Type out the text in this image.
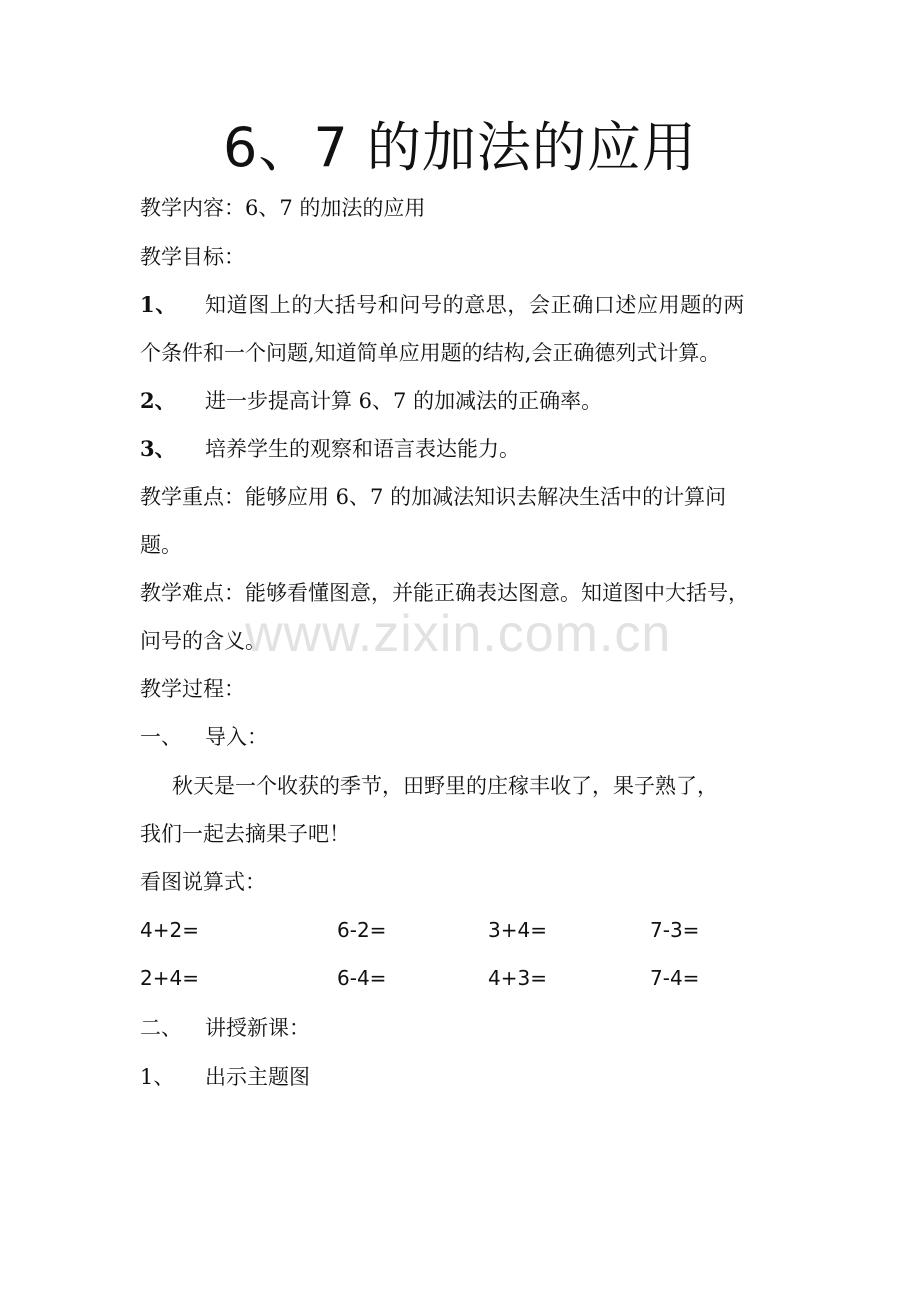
6、7 的加法的应用
教学内容：6、7 的加法的应用
教学目标：
1、 知道图上的大括号和问号的意思，会正确口述应用题的两
个条件和一个问题,知道简单应用题的结构,会正确德列式计算。
2、 进一步提高计算 6、7 的加减法的正确率。
3、 培养学生的观察和语言表达能力。
教学重点：能够应用 6、7 的加减法知识去解决生活中的计算问
题。
教学难点：能够看懂图意，并能正确表达图意。知道图中大括号，
问号的含义。
教学过程：
一、 导入：
秋天是一个收获的季节，田野里的庄稼丰收了，果子熟了，
我们一起去摘果子吧！
看图说算式：
4+2=	6-2=	3+4=	7-3=
2+4=	6-4=	4+3=	7-4=
二、 讲授新课：
1、 出示主题图
www.zixin.com.cn
